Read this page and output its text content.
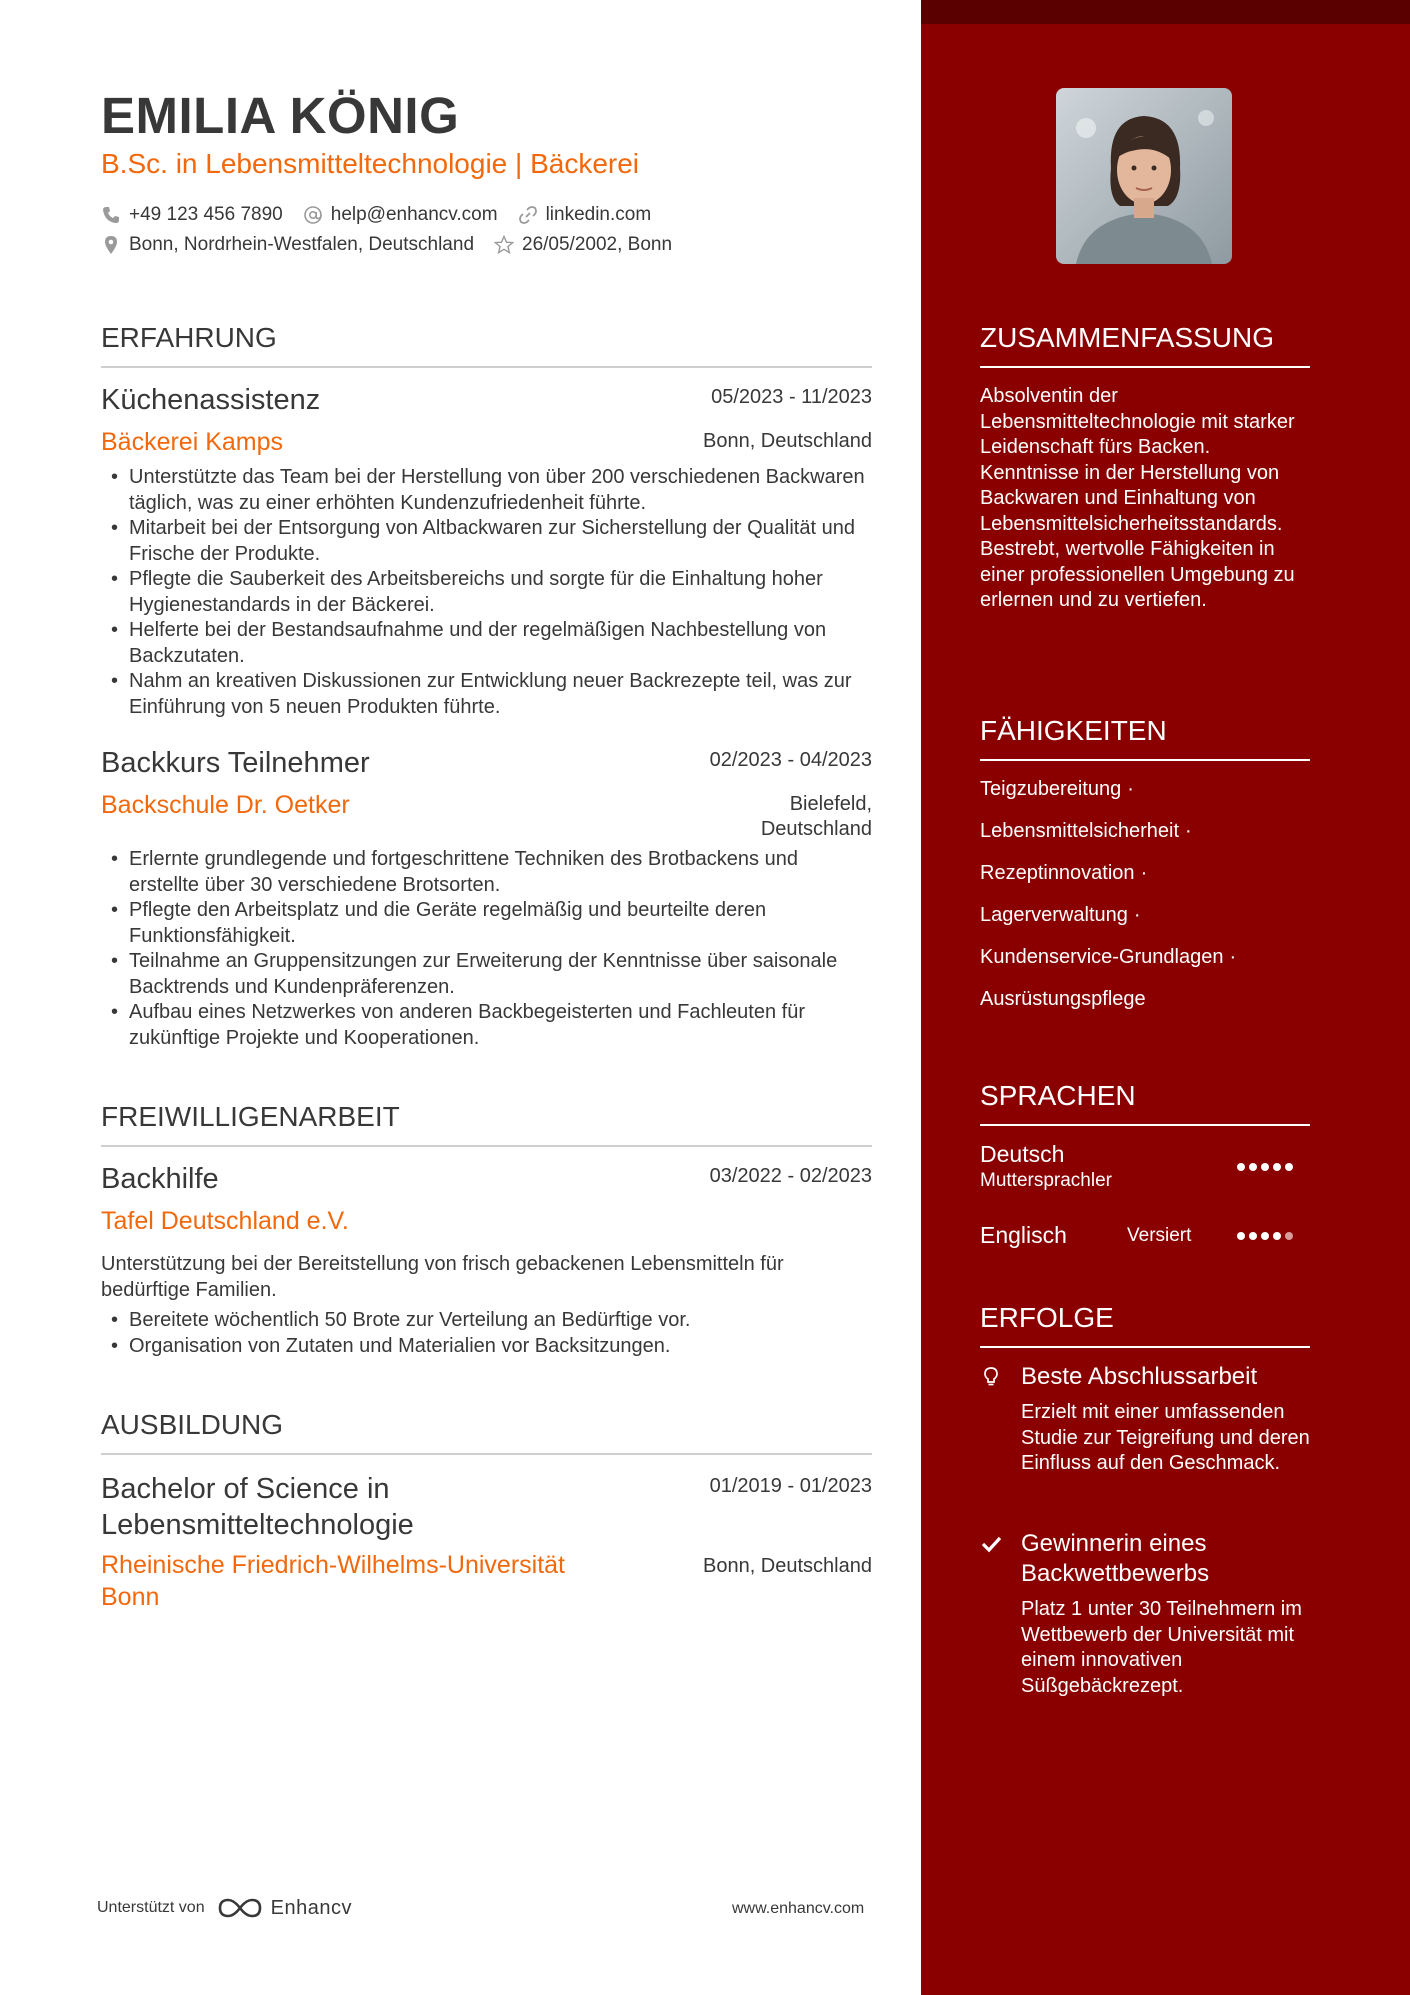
EMILIA KÖNIG
B.Sc. in Lebensmitteltechnologie | Bäckerei
+49 123 456 7890	help@enhancv.com	linkedin.com
Bonn, Nordrhein-Westfalen, Deutschland	26/05/2002, Bonn
ERFAHRUNG
Küchenassistenz	05/2023 - 11/2023
Bäckerei Kamps	Bonn, Deutschland
• Unterstützte das Team bei der Herstellung von über 200 verschiedenen Backwaren täglich, was zu einer erhöhten Kundenzufriedenheit führte.
• Mitarbeit bei der Entsorgung von Altbackwaren zur Sicherstellung der Qualität und Frische der Produkte.
• Pflegte die Sauberkeit des Arbeitsbereichs und sorgte für die Einhaltung hoher Hygienestandards in der Bäckerei.
• Helferte bei der Bestandsaufnahme und der regelmäßigen Nachbestellung von Backzutaten.
• Nahm an kreativen Diskussionen zur Entwicklung neuer Backrezepte teil, was zur Einführung von 5 neuen Produkten führte.
Backkurs Teilnehmer	02/2023 - 04/2023
Backschule Dr. Oetker	Bielefeld,
Deutschland
• Erlernte grundlegende und fortgeschrittene Techniken des Brotbackens und erstellte über 30 verschiedene Brotsorten.
• Pflegte den Arbeitsplatz und die Geräte regelmäßig und beurteilte deren Funktionsfähigkeit.
• Teilnahme an Gruppensitzungen zur Erweiterung der Kenntnisse über saisonale Backtrends und Kundenpräferenzen.
• Aufbau eines Netzwerkes von anderen Backbegeisterten und Fachleuten für zukünftige Projekte und Kooperationen.
FREIWILLIGENARBEIT
Backhilfe	03/2022 - 02/2023
Tafel Deutschland e.V.
Unterstützung bei der Bereitstellung von frisch gebackenen Lebensmitteln für bedürftige Familien.
• Bereitete wöchentlich 50 Brote zur Verteilung an Bedürftige vor.
• Organisation von Zutaten und Materialien vor Backsitzungen.
AUSBILDUNG
Bachelor of Science in
Lebensmitteltechnologie
01/2019 - 01/2023
Rheinische Friedrich-Wilhelms-Universität
Bonn
Bonn, Deutschland
ZUSAMMENFASSUNG
Absolventin der Lebensmitteltechnologie mit starker Leidenschaft fürs Backen. Kenntnisse in der Herstellung von Backwaren und Einhaltung von Lebensmittelsicherheitsstandards. Bestrebt, wertvolle Fähigkeiten in einer professionellen Umgebung zu erlernen und zu vertiefen.
FÄHIGKEITEN
Teigzubereitung ·
Lebensmittelsicherheit ·
Rezeptinnovation ·
Lagerverwaltung ·
Kundenservice-Grundlagen ·
Ausrüstungspflege
SPRACHEN
Deutsch
Muttersprachler
Englisch	Versiert
ERFOLGE
Beste Abschlussarbeit
Erzielt mit einer umfassenden Studie zur Teigreifung und deren Einfluss auf den Geschmack.
Gewinnerin eines
Backwettbewerbs
Platz 1 unter 30 Teilnehmern im Wettbewerb der Universität mit einem innovativen Süßgebäckrezept.
Unterstützt von	Enhancv	www.enhancv.com
